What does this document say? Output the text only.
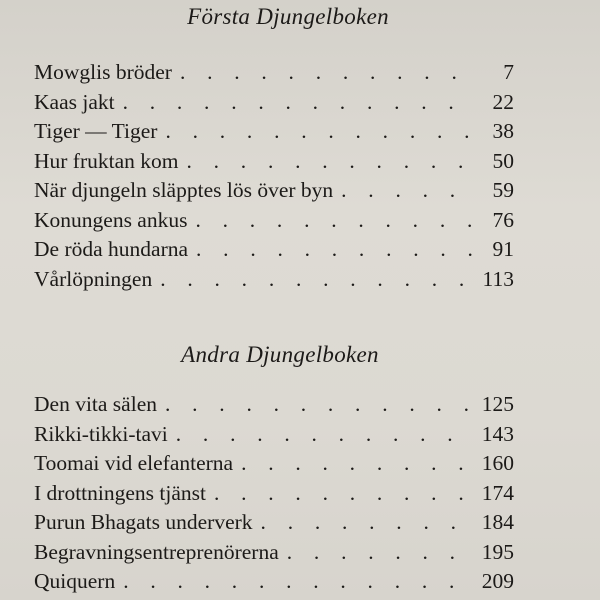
Första Djungelboken
Mowglis bröder . . .	7
Kaas jakt . . .	22
Tiger — Tiger . . .	38
Hur fruktan kom . . .	50
När djungeln släpptes lös över byn . . .	59
Konungens ankus . . .	76
De röda hundarna . . .	91
Vårlöpningen . . .	113
Andra Djungelboken
Den vita sälen . . .	125
Rikki-tikki-tavi . . .	143
Toomai vid elefanterna . . .	160
I drottningens tjänst . . .	174
Purun Bhagats underverk . . .	184
Begravningsentreprenörerna . . .	195
Quiquern . . .	209
